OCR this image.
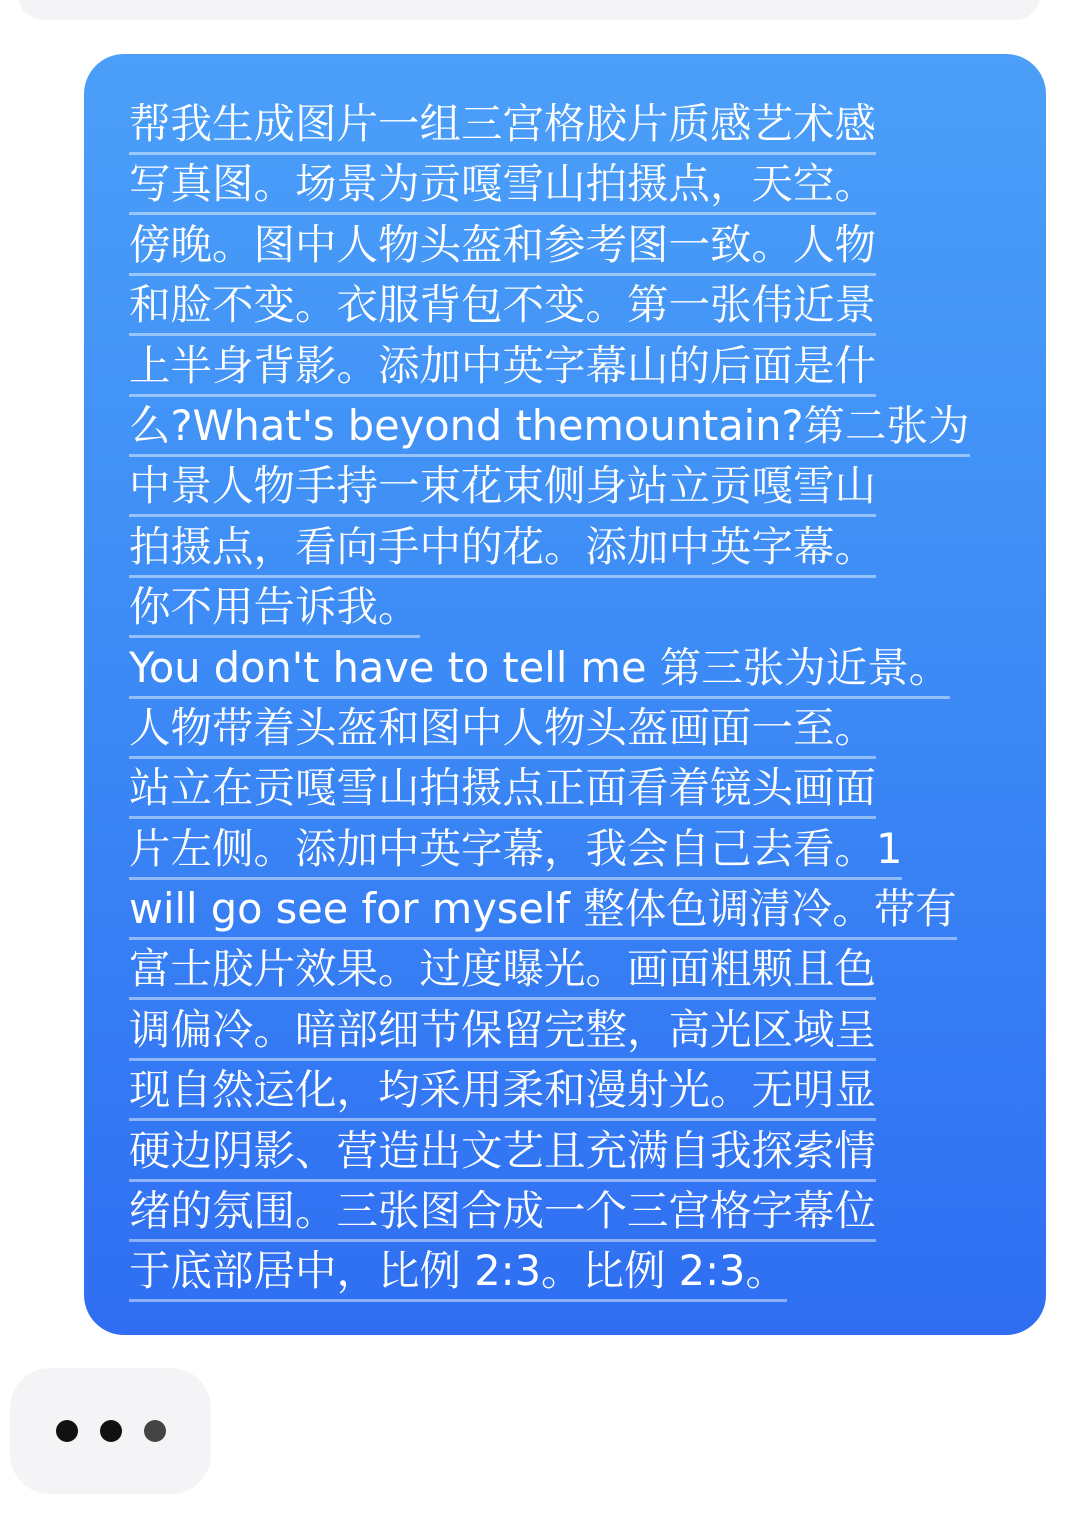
帮我生成图片一组三宫格胶片质感艺术感
写真图。场景为贡嘎雪山拍摄点，天空。
傍晚。图中人物头盔和参考图一致。人物
和脸不变。衣服背包不变。第一张伟近景
上半身背影。添加中英字幕山的后面是什
么?What's beyond themountain?第二张为
中景人物手持一束花束侧身站立贡嘎雪山
拍摄点，看向手中的花。添加中英字幕。
你不用告诉我。
You don't have to tell me 第三张为近景。
人物带着头盔和图中人物头盔画面一至。
站立在贡嘎雪山拍摄点正面看着镜头画面
片左侧。添加中英字幕，我会自己去看。1
will go see for myself 整体色调清冷。带有
富士胶片效果。过度曝光。画面粗颗且色
调偏冷。暗部细节保留完整，高光区域呈
现自然运化，均采用柔和漫射光。无明显
硬边阴影、营造出文艺且充满自我探索情
绪的氛围。三张图合成一个三宫格字幕位
于底部居中，比例 2:3。比例 2:3。
